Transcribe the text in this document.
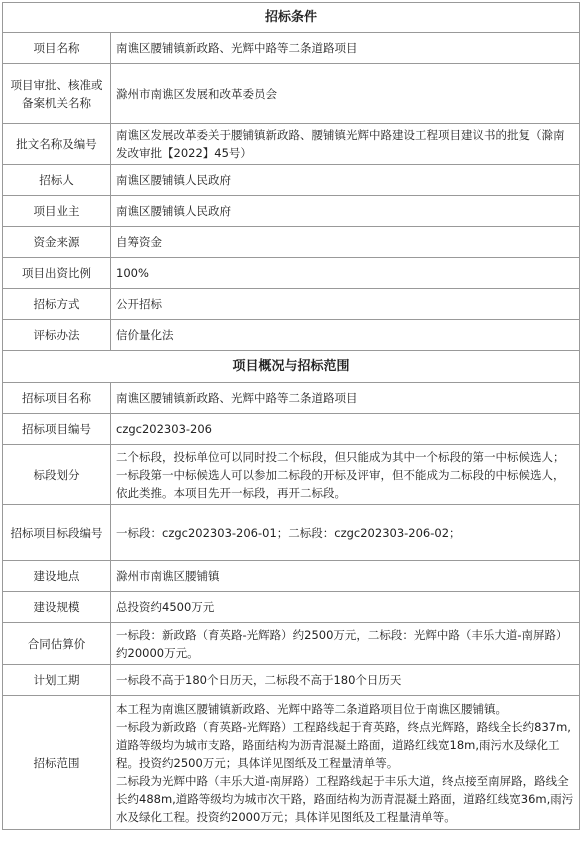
招标条件	
项目名称	南谯区腰铺镇新政路、光辉中路等二条道路项目
项目审批、核准或备案机关名称	滁州市南谯区发展和改革委员会
批文名称及编号	南谯区发展改革委关于腰铺镇新政路、腰铺镇光辉中路建设工程项目建议书的批复（滁南发改审批【2022】45号）
招标人	南谯区腰铺镇人民政府
项目业主	南谯区腰铺镇人民政府
资金来源	自筹资金
项目出资比例	100%
招标方式	公开招标
评标办法	信价量化法
项目概况与招标范围	
招标项目名称	南谯区腰铺镇新政路、光辉中路等二条道路项目
招标项目编号	czgc202303-206
标段划分	二个标段，投标单位可以同时投二个标段，但只能成为其中一个标段的第一中标候选人；一标段第一中标候选人可以参加二标段的开标及评审，但不能成为二标段的中标候选人，依此类推。本项目先开一标段，再开二标段。
招标项目标段编号	一标段：czgc202303-206-01；二标段：czgc202303-206-02；
建设地点	滁州市南谯区腰铺镇
建设规模	总投资约4500万元
合同估算价	一标段：新政路（育英路-光辉路）约2500万元，二标段：光辉中路（丰乐大道-南屏路）约20000万元。
计划工期	一标段不高于180个日历天，二标段不高于180个日历天
招标范围	本工程为南谯区腰铺镇新政路、光辉中路等二条道路项目位于南谯区腰铺镇。
一标段为新政路（育英路-光辉路）工程路线起于育英路，终点光辉路，路线全长约837m,道路等级均为城市支路，路面结构为沥青混凝土路面，道路红线宽18m,雨污水及绿化工程。投资约2500万元；具体详见图纸及工程量清单等。
二标段为光辉中路（丰乐大道-南屏路）工程路线起于丰乐大道，终点接至南屏路，路线全长约488m,道路等级均为城市次干路，路面结构为沥青混凝土路面，道路红线宽36m,雨污水及绿化工程。投资约2000万元；具体详见图纸及工程量清单等。
